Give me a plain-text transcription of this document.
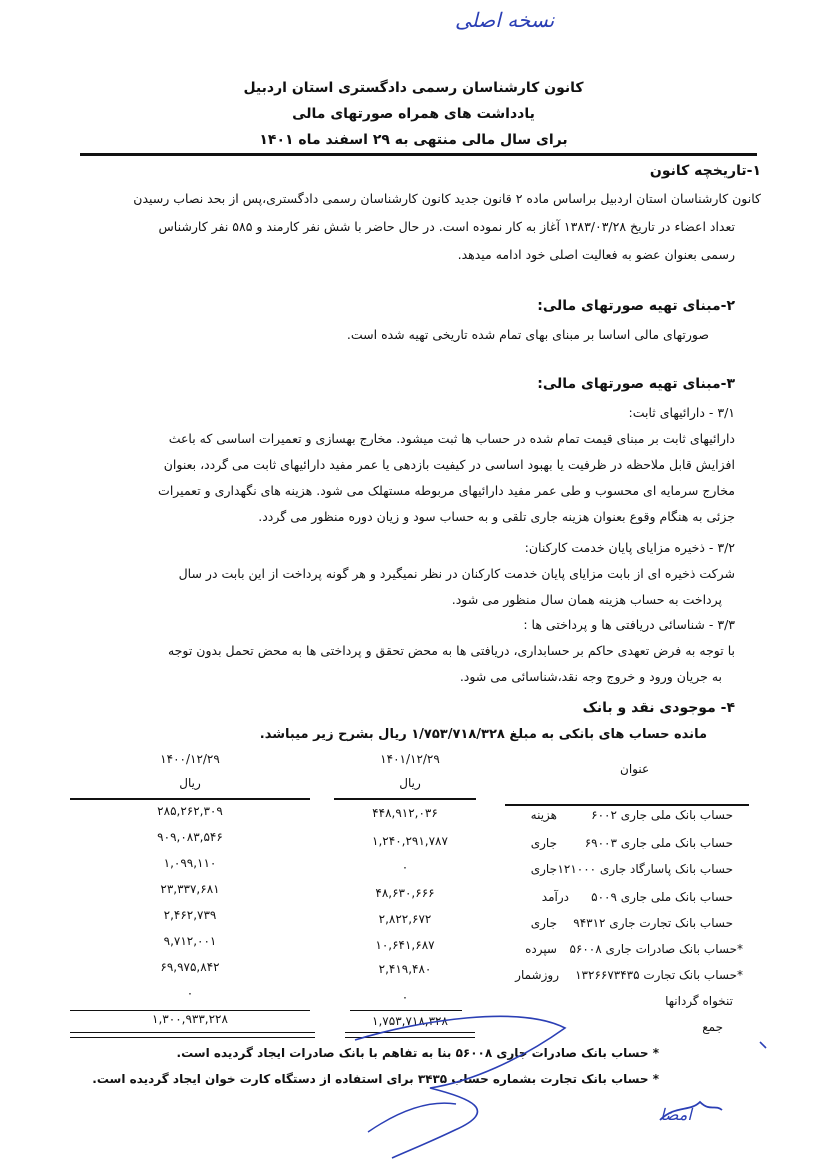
نسخه اصلی
کانون کارشناسان رسمی دادگستری استان اردبیل
یادداشت های همراه صورتهای مالی
برای سال مالی منتهی به ۲۹ اسفند ماه ۱۴۰۱
۱-تاریخچه کانون
کانون کارشناسان استان اردبیل براساس ماده ۲ قانون جدید کانون کارشناسان رسمی دادگستری،پس از بحد نصاب رسیدن
تعداد اعضاء در تاریخ ۱۳۸۳/۰۳/۲۸ آغاز به کار نموده است. در حال حاضر با شش نفر کارمند و ۵۸۵ نفر کارشناس
رسمی بعنوان عضو به فعالیت اصلی خود ادامه میدهد.
۲-مبنای تهیه صورتهای مالی:
صورتهای مالی اساسا بر مبنای بهای تمام شده تاریخی تهیه شده است.
۳-مبنای تهیه صورتهای مالی:
۳/۱ - دارائیهای ثابت:
دارائیهای ثابت بر مبنای قیمت تمام شده در حساب ها ثبت میشود. مخارج بهسازی و تعمیرات اساسی که باعث
افزایش قابل ملاحظه در ظرفیت یا بهبود اساسی در کیفیت بازدهی یا عمر مفید دارائیهای ثابت می گردد، بعنوان
مخارج سرمایه ای محسوب و طی عمر مفید دارائیهای مربوطه مستهلک می شود. هزینه های نگهداری و تعمیرات
جزئی به هنگام وقوع بعنوان هزینه جاری تلقی و به حساب سود و زیان دوره منظور می گردد.
۳/۲ - ذخیره مزایای پایان خدمت کارکنان:
شرکت ذخیره ای از بابت مزایای پایان خدمت کارکنان در نظر نمیگیرد و هر گونه پرداخت از این بابت در سال
پرداخت به حساب هزینه همان سال منظور می شود.
۳/۳ - شناسائی دریافتی ها و پرداختی ها :
با توجه به فرض تعهدی حاکم بر حسابداری، دریافتی ها به محض تحقق و پرداختی ها به محض تحمل بدون توجه
به جریان ورود و خروج وجه نقد،شناسائی می شود.
۴- موجودی نقد و بانک
مانده حساب های بانکی به مبلغ ۱/۷۵۳/۷۱۸/۳۲۸ ریال بشرح زیر میباشد.
عنوان
۱۴۰۱/۱۲/۲۹
ریال
۱۴۰۰/۱۲/۲۹
ریال
حساب بانک ملی جاری ۶۰۰۲
هزینه
۴۴۸,۹۱۲,۰۳۶
۲۸۵,۲۶۲,۳۰۹
حساب بانک ملی جاری ۶۹۰۰۳
جاری
۱,۲۴۰,۲۹۱,۷۸۷
۹۰۹,۰۸۳,۵۴۶
حساب بانک پاسارگاد جاری ۱۲۱۰۰۰
جاری
۰
۱,۰۹۹,۱۱۰
حساب بانک ملی جاری ۵۰۰۹
درآمد
۴۸,۶۳۰,۶۶۶
۲۳,۳۳۷,۶۸۱
حساب بانک تجارت جاری ۹۴۳۱۲
جاری
۲,۸۲۲,۶۷۲
۲,۴۶۲,۷۳۹
*حساب بانک صادرات جاری ۵۶۰۰۸
سپرده
۱۰,۶۴۱,۶۸۷
۹,۷۱۲,۰۰۱
*حساب بانک تجارت ۱۳۲۶۶۷۳۴۳۵
روزشمار
۲,۴۱۹,۴۸۰
۶۹,۹۷۵,۸۴۲
تنخواه گردانها
۰
۰
جمع
۱,۷۵۳,۷۱۸,۳۲۸
۱,۳۰۰,۹۳۳,۲۲۸
* حساب بانک صادرات جاری ۵۶۰۰۸ بنا به تفاهم با بانک صادرات ایجاد گردیده است.
* حساب بانک تجارت بشماره حساب ۳۴۳۵ برای استفاده از دستگاه کارت خوان ایجاد گردیده است.
امضا
